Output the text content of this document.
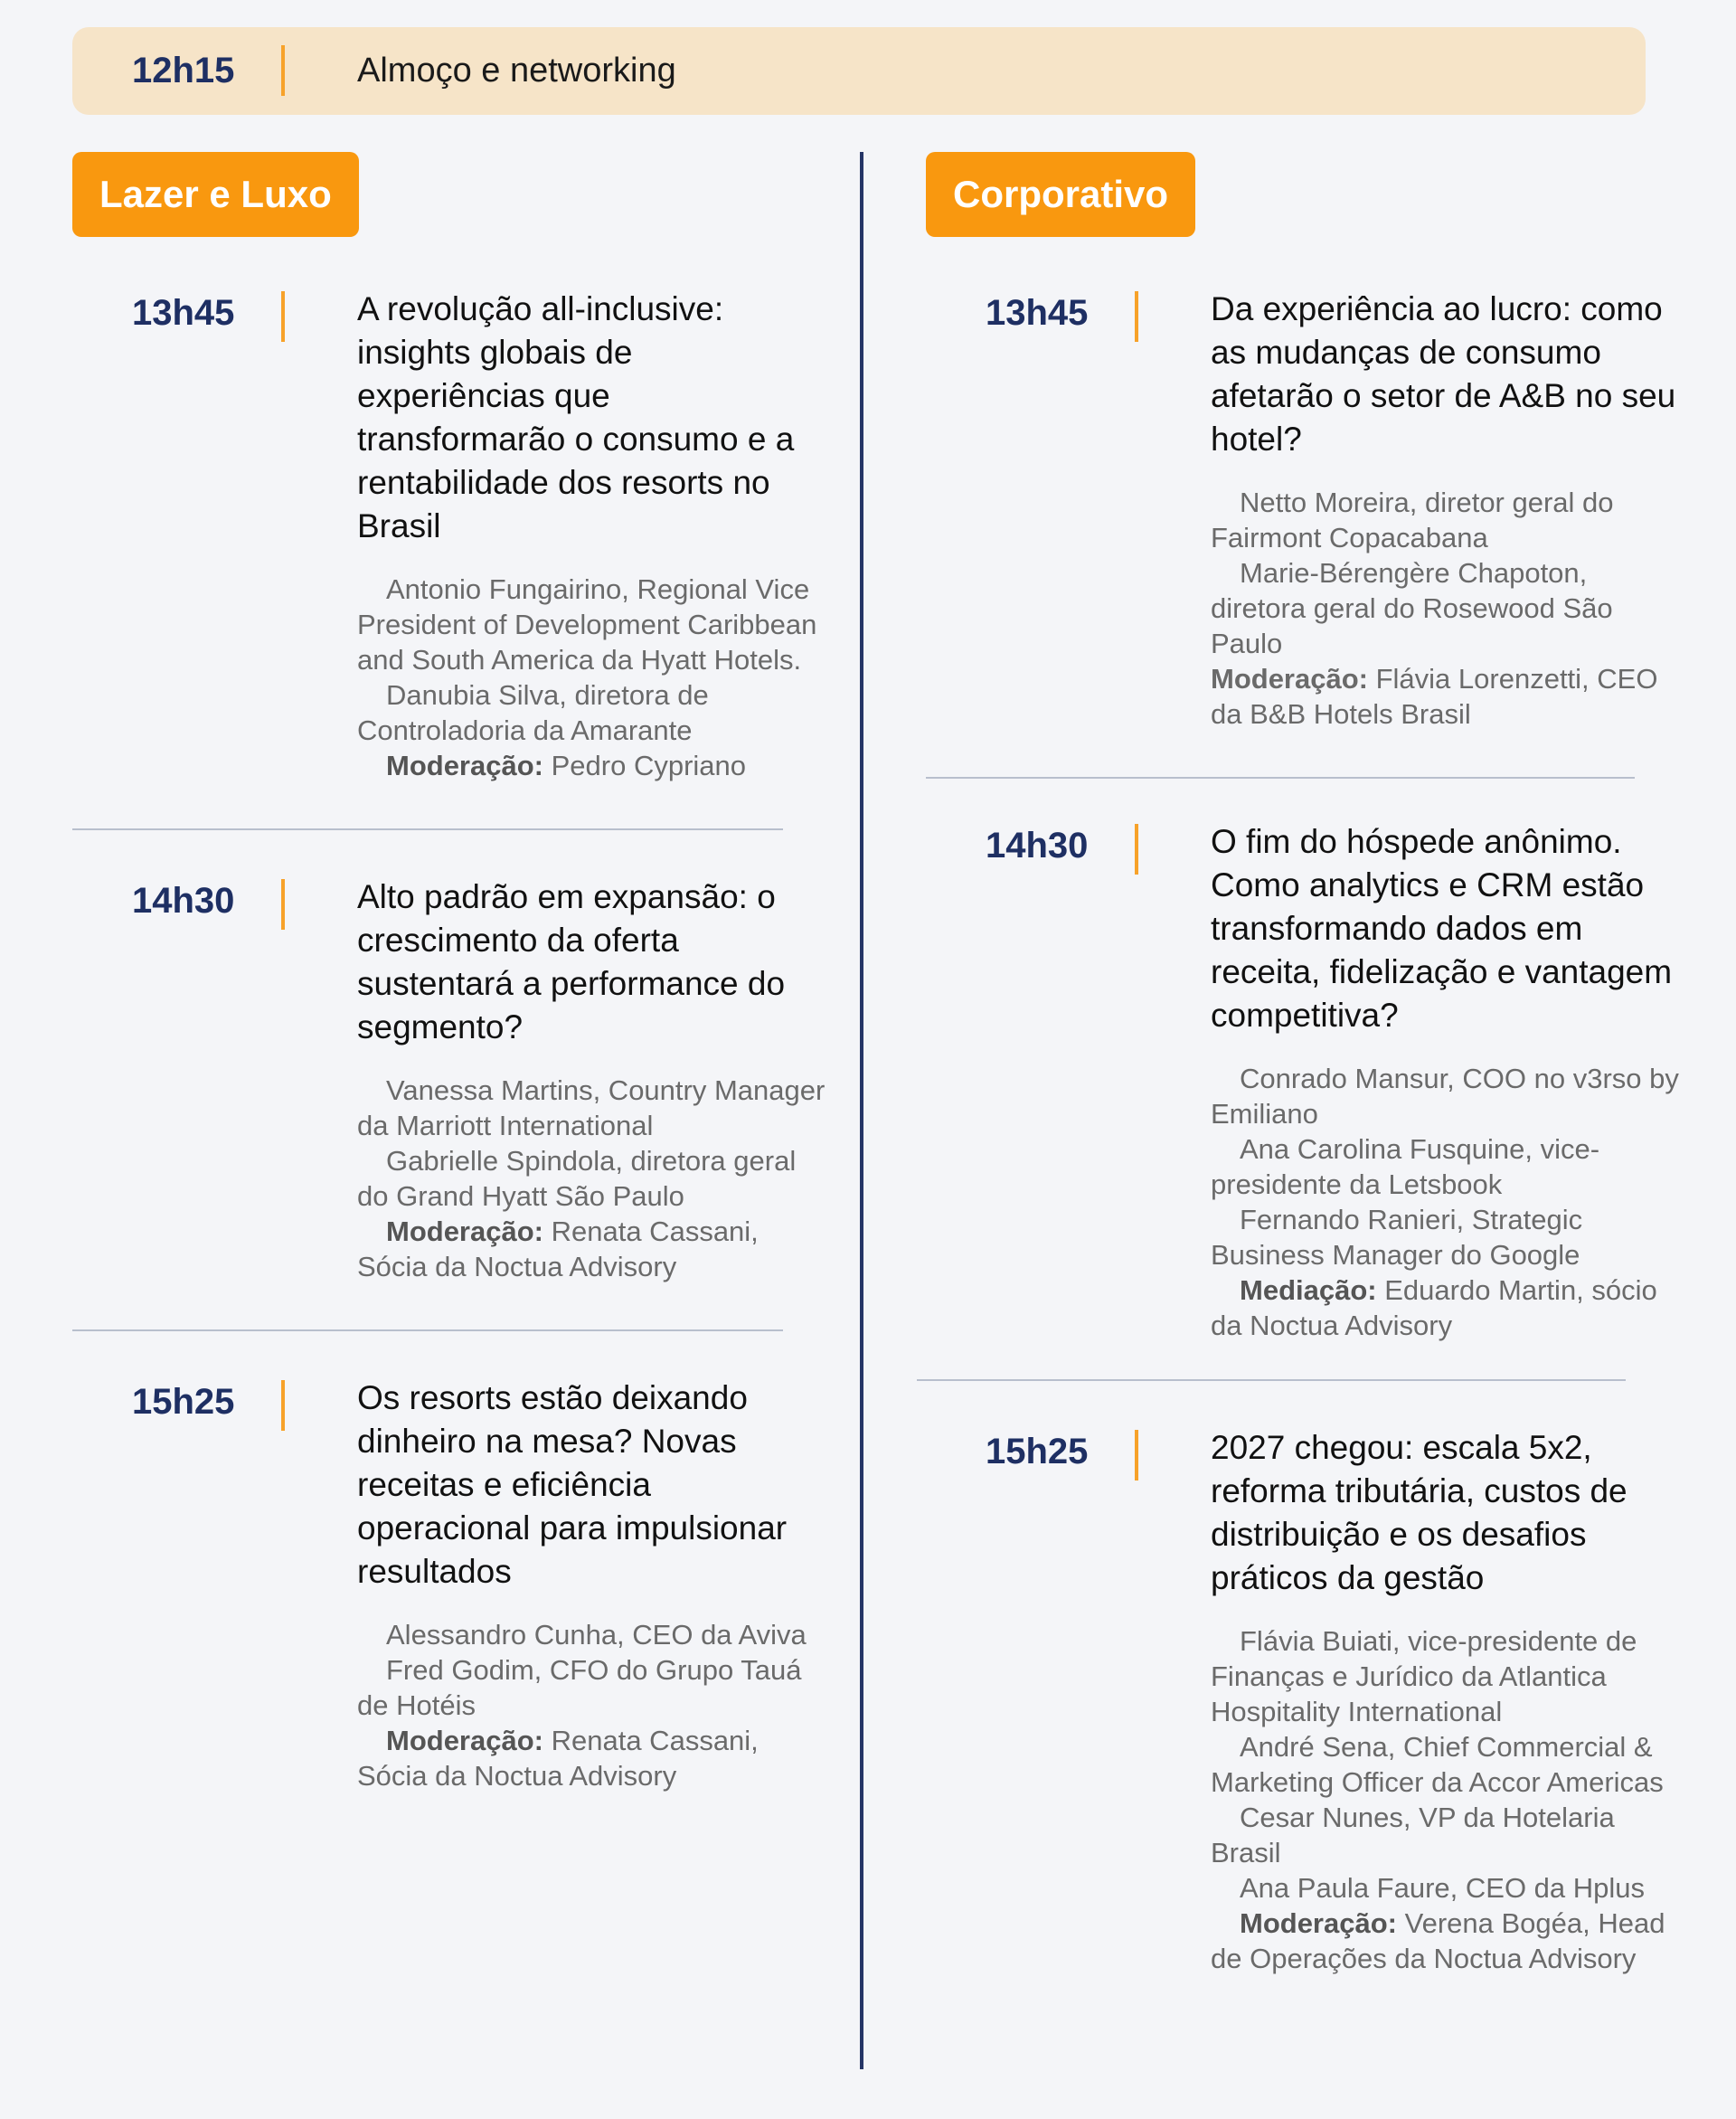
12h15	Almoço e networking
Lazer e Luxo
13h45	A revolução all-inclusive: insights globais de experiências que transformarão o consumo e a rentabilidade dos resorts no Brasil

Antonio Fungairino, Regional Vice President of Development Caribbean and South America da Hyatt Hotels.
Danubia Silva, diretora de Controladoria da Amarante
Moderação: Pedro Cypriano
14h30	Alto padrão em expansão: o crescimento da oferta sustentará a performance do segmento?

Vanessa Martins, Country Manager da Marriott International
Gabrielle Spindola, diretora geral do Grand Hyatt São Paulo
Moderação: Renata Cassani, Sócia da Noctua Advisory
15h25	Os resorts estão deixando dinheiro na mesa? Novas receitas e eficiência operacional para impulsionar resultados

Alessandro Cunha, CEO da Aviva
Fred Godim, CFO do Grupo Tauá de Hotéis
Moderação: Renata Cassani, Sócia da Noctua Advisory
Corporativo
13h45	Da experiência ao lucro: como as mudanças de consumo afetarão o setor de A&B no seu hotel?

Netto Moreira, diretor geral do Fairmont Copacabana
Marie-Bérengère Chapoton, diretora geral do Rosewood São Paulo
Moderação: Flávia Lorenzetti, CEO da B&B Hotels Brasil
14h30	O fim do hóspede anônimo. Como analytics e CRM estão transformando dados em receita, fidelização e vantagem competitiva?

Conrado Mansur, COO no v3rso by Emiliano
Ana Carolina Fusquine, vice-presidente da Letsbook
Fernando Ranieri, Strategic Business Manager do Google
Mediação: Eduardo Martin, sócio da Noctua Advisory
15h25	2027 chegou: escala 5x2, reforma tributária, custos de distribuição e os desafios práticos da gestão

Flávia Buiati, vice-presidente de Finanças e Jurídico da Atlantica Hospitality International
André Sena, Chief Commercial & Marketing Officer da Accor Americas
Cesar Nunes, VP da Hotelaria Brasil
Ana Paula Faure, CEO da Hplus
Moderação: Verena Bogéa, Head de Operações da Noctua Advisory
